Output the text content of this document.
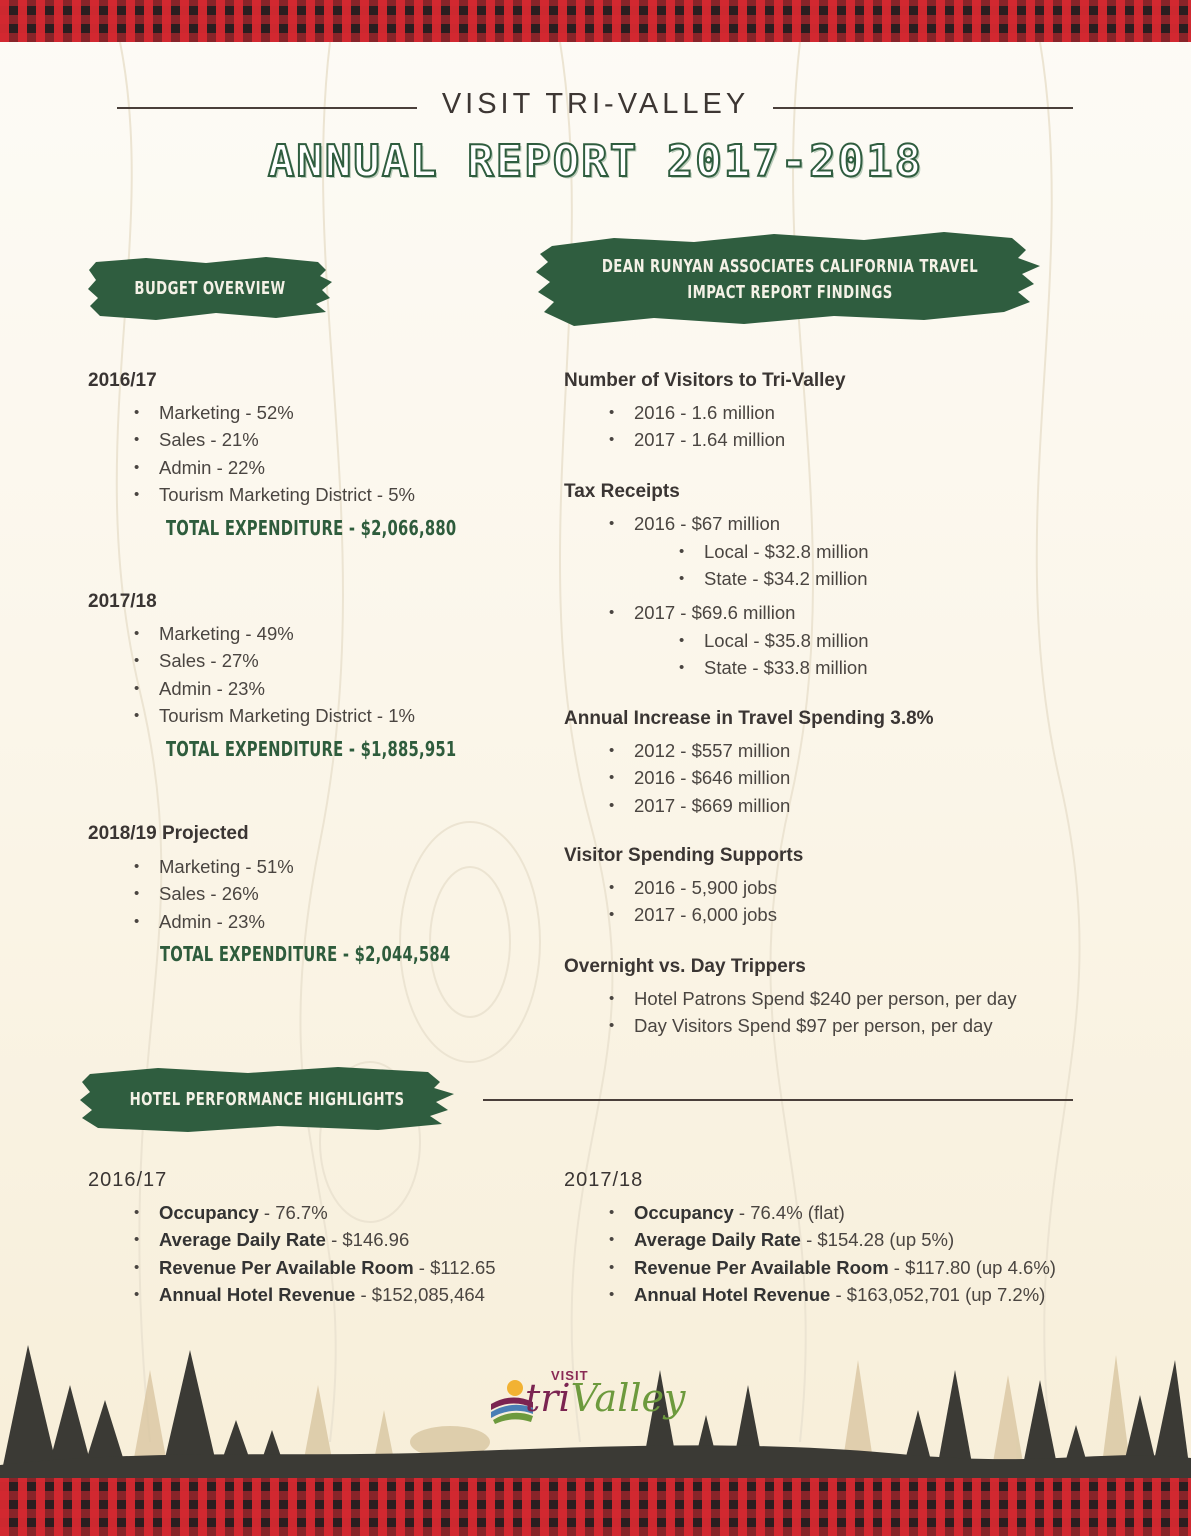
VISIT TRI-VALLEY
ANNUAL REPORT 2017-2018
BUDGET OVERVIEW
DEAN RUNYAN ASSOCIATES CALIFORNIA TRAVEL
IMPACT REPORT FINDINGS
2016/17
• Marketing - 52%
• Sales - 21%
• Admin - 22%
• Tourism Marketing District - 5%
TOTAL EXPENDITURE - $2,066,880
2017/18
• Marketing - 49%
• Sales - 27%
• Admin - 23%
• Tourism Marketing District - 1%
TOTAL EXPENDITURE - $1,885,951
2018/19 Projected
• Marketing - 51%
• Sales - 26%
• Admin - 23%
TOTAL EXPENDITURE - $2,044,584
Number of Visitors to Tri-Valley
• 2016 - 1.6 million
• 2017 - 1.64 million
Tax Receipts
• 2016 - $67 million
• Local - $32.8 million
• State - $34.2 million
• 2017 - $69.6 million
• Local - $35.8 million
• State - $33.8 million
Annual Increase in Travel Spending 3.8%
• 2012 - $557 million
• 2016 - $646 million
• 2017 - $669 million
Visitor Spending Supports
• 2016 - 5,900 jobs
• 2017 - 6,000 jobs
Overnight vs. Day Trippers
• Hotel Patrons Spend $240 per person, per day
• Day Visitors Spend $97 per person, per day
HOTEL PERFORMANCE HIGHLIGHTS
2016/17
• Occupancy - 76.7%
• Average Daily Rate - $146.96
• Revenue Per Available Room - $112.65
• Annual Hotel Revenue - $152,085,464
2017/18
• Occupancy - 76.4% (flat)
• Average Daily Rate - $154.28 (up 5%)
• Revenue Per Available Room - $117.80 (up 4.6%)
• Annual Hotel Revenue - $163,052,701 (up 7.2%)
VISIT
triValley
